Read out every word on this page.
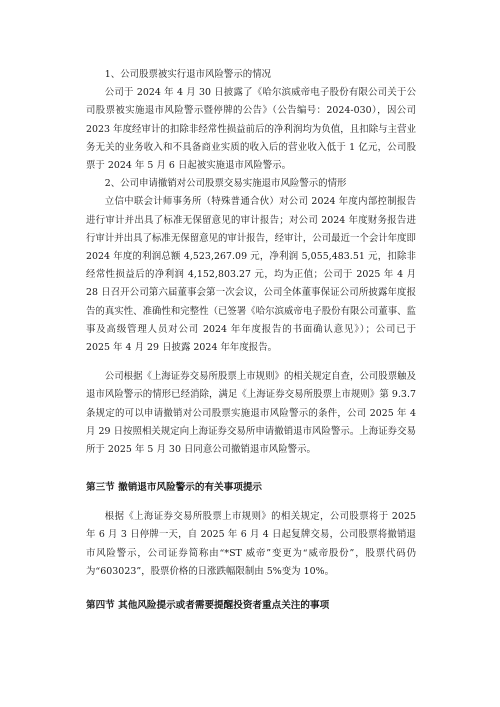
1、公司股票被实行退市风险警示的情况

公司于 2024 年 4 月 30 日披露了《哈尔滨威帝电子股份有限公司关于公司股票被实施退市风险警示暨停牌的公告》（公告编号：2024-030），因公司 2023 年度经审计的扣除非经常性损益前后的净利润均为负值，且扣除与主营业务无关的业务收入和不具备商业实质的收入后的营业收入低于 1 亿元，公司股票于 2024 年 5 月 6 日起被实施退市风险警示。

2、公司申请撤销对公司股票交易实施退市风险警示的情形

立信中联会计师事务所（特殊普通合伙）对公司 2024 年度内部控制报告进行审计并出具了标准无保留意见的审计报告；对公司 2024 年度财务报告进行审计并出具了标准无保留意见的审计报告，经审计，公司最近一个会计年度即 2024 年度的利润总额 4,523,267.09 元，净利润 5,055,483.51 元，扣除非经常性损益后的净利润 4,152,803.27 元，均为正值；公司于 2025 年 4 月 28 日召开公司第六届董事会第一次会议，公司全体董事保证公司所披露年度报告的真实性、准确性和完整性（已签署《哈尔滨威帝电子股份有限公司董事、监事及高级管理人员对公司 2024 年年度报告的书面确认意见》）；公司已于 2025 年 4 月 29 日披露 2024 年年度报告。

公司根据《上海证券交易所股票上市规则》的相关规定自查，公司股票触及退市风险警示的情形已经消除，满足《上海证券交易所股票上市规则》第 9.3.7 条规定的可以申请撤销对公司股票实施退市风险警示的条件，公司 2025 年 4 月 29 日按照相关规定向上海证券交易所申请撤销退市风险警示。上海证券交易所于 2025 年 5 月 30 日同意公司撤销退市风险警示。

第三节 撤销退市风险警示的有关事项提示

根据《上海证券交易所股票上市规则》的相关规定，公司股票将于 2025 年 6 月 3 日停牌一天，自 2025 年 6 月 4 日起复牌交易，公司股票将撤销退市风险警示，公司证券简称由“*ST 威帝”变更为“威帝股份”，股票代码仍为“603023”，股票价格的日涨跌幅限制由 5%变为 10%。

第四节 其他风险提示或者需要提醒投资者重点关注的事项
